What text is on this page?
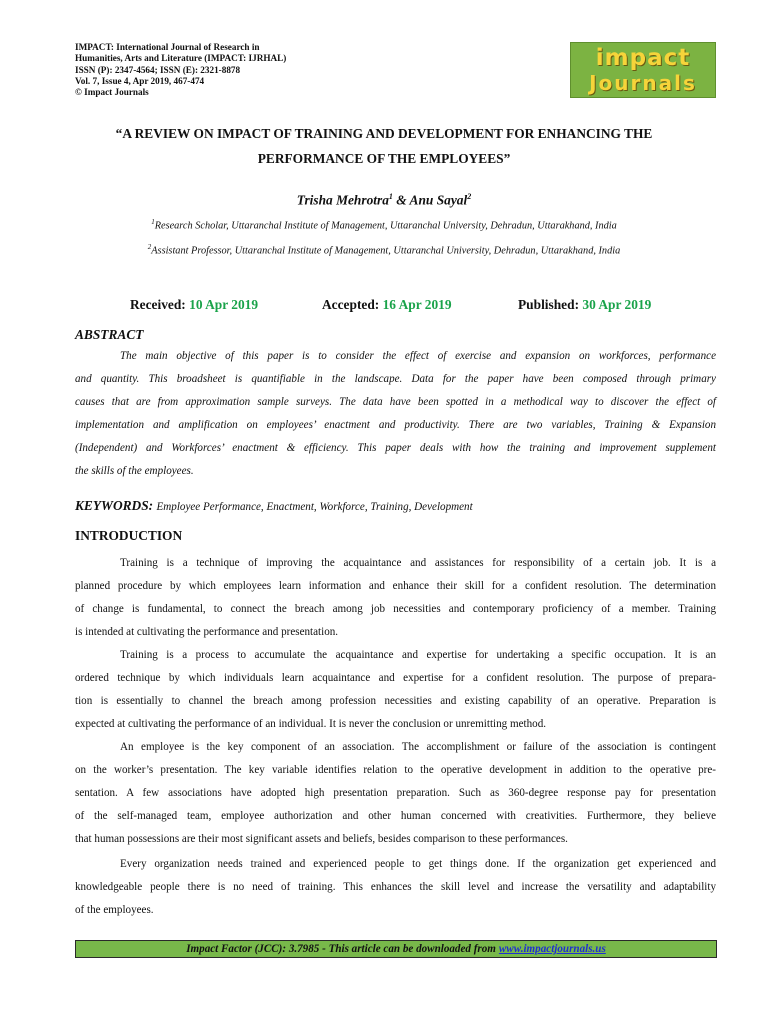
IMPACT: International Journal of Research in
Humanities, Arts and Literature (IMPACT: IJRHAL)
ISSN (P): 2347-4564; ISSN (E): 2321-8878
Vol. 7, Issue 4, Apr 2019, 467-474
© Impact Journals
impact
Journals
“A REVIEW ON IMPACT OF TRAINING AND DEVELOPMENT FOR ENHANCING THE
PERFORMANCE OF THE EMPLOYEES”
Trisha Mehrotra$^1$ & Anu Sayal$^2$
$^1$Research Scholar, Uttaranchal Institute of Management, Uttaranchal University, Dehradun, Uttarakhand, India
$^2$Assistant Professor, Uttaranchal Institute of Management, Uttaranchal University, Dehradun, Uttarakhand, India
Received: 10 Apr 2019	Accepted: 16 Apr 2019	Published: 30 Apr 2019
ABSTRACT
The main objective of this paper is to consider the effect of exercise and expansion on workforces, performance
and quantity. This broadsheet is quantifiable in the landscape. Data for the paper have been composed through primary
causes that are from approximation sample surveys. The data have been spotted in a methodical way to discover the effect of
implementation and amplification on employees’ enactment and productivity. There are two variables, Training & Expansion
(Independent) and Workforces’ enactment & efficiency. This paper deals with how the training and improvement supplement
the skills of the employees.
KEYWORDS: Employee Performance, Enactment, Workforce, Training, Development
INTRODUCTION
Training is a technique of improving the acquaintance and assistances for responsibility of a certain job. It is a
planned procedure by which employees learn information and enhance their skill for a confident resolution. The determination
of change is fundamental, to connect the breach among job necessities and contemporary proficiency of a member. Training
is intended at cultivating the performance and presentation.
Training is a process to accumulate the acquaintance and expertise for undertaking a specific occupation. It is an
ordered technique by which individuals learn acquaintance and expertise for a confident resolution. The purpose of prepara-
tion is essentially to channel the breach among profession necessities and existing capability of an operative. Preparation is
expected at cultivating the performance of an individual. It is never the conclusion or unremitting method.
An employee is the key component of an association. The accomplishment or failure of the association is contingent
on the worker’s presentation. The key variable identifies relation to the operative development in addition to the operative pre-
sentation. A few associations have adopted high presentation preparation. Such as 360-degree response pay for presentation
of the self-managed team, employee authorization and other human concerned with creativities. Furthermore, they believe
that human possessions are their most significant assets and beliefs, besides comparison to these performances.
Every organization needs trained and experienced people to get things done. If the organization get experienced and
knowledgeable people there is no need of training. This enhances the skill level and increase the versatility and adaptability
of the employees.
Impact Factor (JCC): 3.7985 - This article can be downloaded from www.impactjournals.us
